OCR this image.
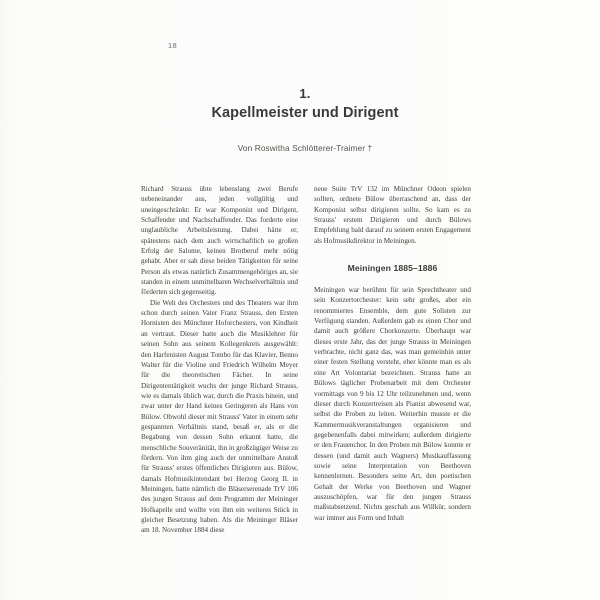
18
1.
Kapellmeister und Dirigent
Von Roswitha Schlötterer-Traimer †

Richard Strauss übte lebenslang zwei Berufe nebeneinander aus, jeden vollgültig und uneingeschränkt: Er war Komponist und Dirigent, Schaffender und Nachschaffender. Das forderte eine unglaubliche Arbeitsleistung. Dabei hätte er, spätestens nach dem auch wirtschaftlich so großen Erfolg der Salome, keinen Brotberuf mehr nötig gehabt. Aber er sah diese beiden Tätigkeiten für seine Person als etwas natürlich Zusammengehöriges an, sie standen in einem unmittelbaren Wechselverhältnis und förderten sich gegenseitig.

Die Welt des Orchesters und des Theaters war ihm schon durch seinen Vater Franz Strauss, den Ersten Hornisten des Münchner Hoforchesters, von Kindheit an vertraut. Dieser hatte auch die Musiklehrer für seinen Sohn aus seinem Kollegenkreis ausgewählt: den Harfenisten August Tombo für das Klavier, Benno Walter für die Violine und Friedrich Wilhelm Meyer für die theoretischen Fächer. In seine Dirigententätigkeit wuchs der junge Richard Strauss, wie es damals üblich war, durch die Praxis hinein, und zwar unter der Hand keines Geringeren als Hans von Bülow. Obwohl dieser mit Strauss' Vater in einem sehr gespannten Verhältnis stand, besaß er, als er die Begabung von dessen Sohn erkannt hatte, die menschliche Souveränität, ihn in großzügiger Weise zu fördern. Von ihm ging auch der unmittelbare Anstoß für Strauss' erstes öffentliches Dirigieren aus. Bülow, damals Hofmusikintendant bei Herzog Georg II. in Meiningen, hatte nämlich die Bläserserenade TrV 106 des jungen Strauss auf dem Programm der Meininger Hofkapelle und wollte von ihm ein weiteres Stück in gleicher Besetzung haben. Als die Meininger Bläser am 18. November 1884 diese

neue Suite TrV 132 im Münchner Odeon spielen sollten, ordnete Bülow überraschend an, dass der Komponist selbst dirigieren sollte. So kam es zu Strauss' erstem Dirigieren und durch Bülows Empfehlung bald darauf zu seinem ersten Engagement als Hofmusikdirektor in Meiningen.

Meiningen 1885–1886

Meiningen war berühmt für sein Sprechtheater und sein Konzertorchester: kein sehr großes, aber ein renommiertes Ensemble, dem gute Solisten zur Verfügung standen. Außerdem gab es einen Chor und damit auch größere Chorkonzerte. Überhaupt war dieses erste Jahr, das der junge Strauss in Meiningen verbrachte, nicht ganz das, was man gemeinhin unter einer festen Stellung versteht, eher könnte man es als eine Art Volontariat bezeichnen. Strauss hatte an Bülows täglicher Probenarbeit mit dem Orchester vormittags von 9 bis 12 Uhr teilzunehmen und, wenn dieser durch Konzertreisen als Pianist abwesend war, selbst die Proben zu leiten. Weiterhin musste er die Kammermusikveranstaltungen organisieren und gegebenenfalls dabei mitwirken; außerdem dirigierte er den Frauenchor. In den Proben mit Bülow konnte er dessen (und damit auch Wagners) Musikauffassung sowie seine Interpretation von Beethoven kennenlernen. Besonders seine Art, den poetischen Gehalt der Werke von Beethoven und Wagner auszuschöpfen, war für den jungen Strauss maßstabsetzend. Nichts geschah aus Willkür, sondern war immer aus Form und Inhalt
